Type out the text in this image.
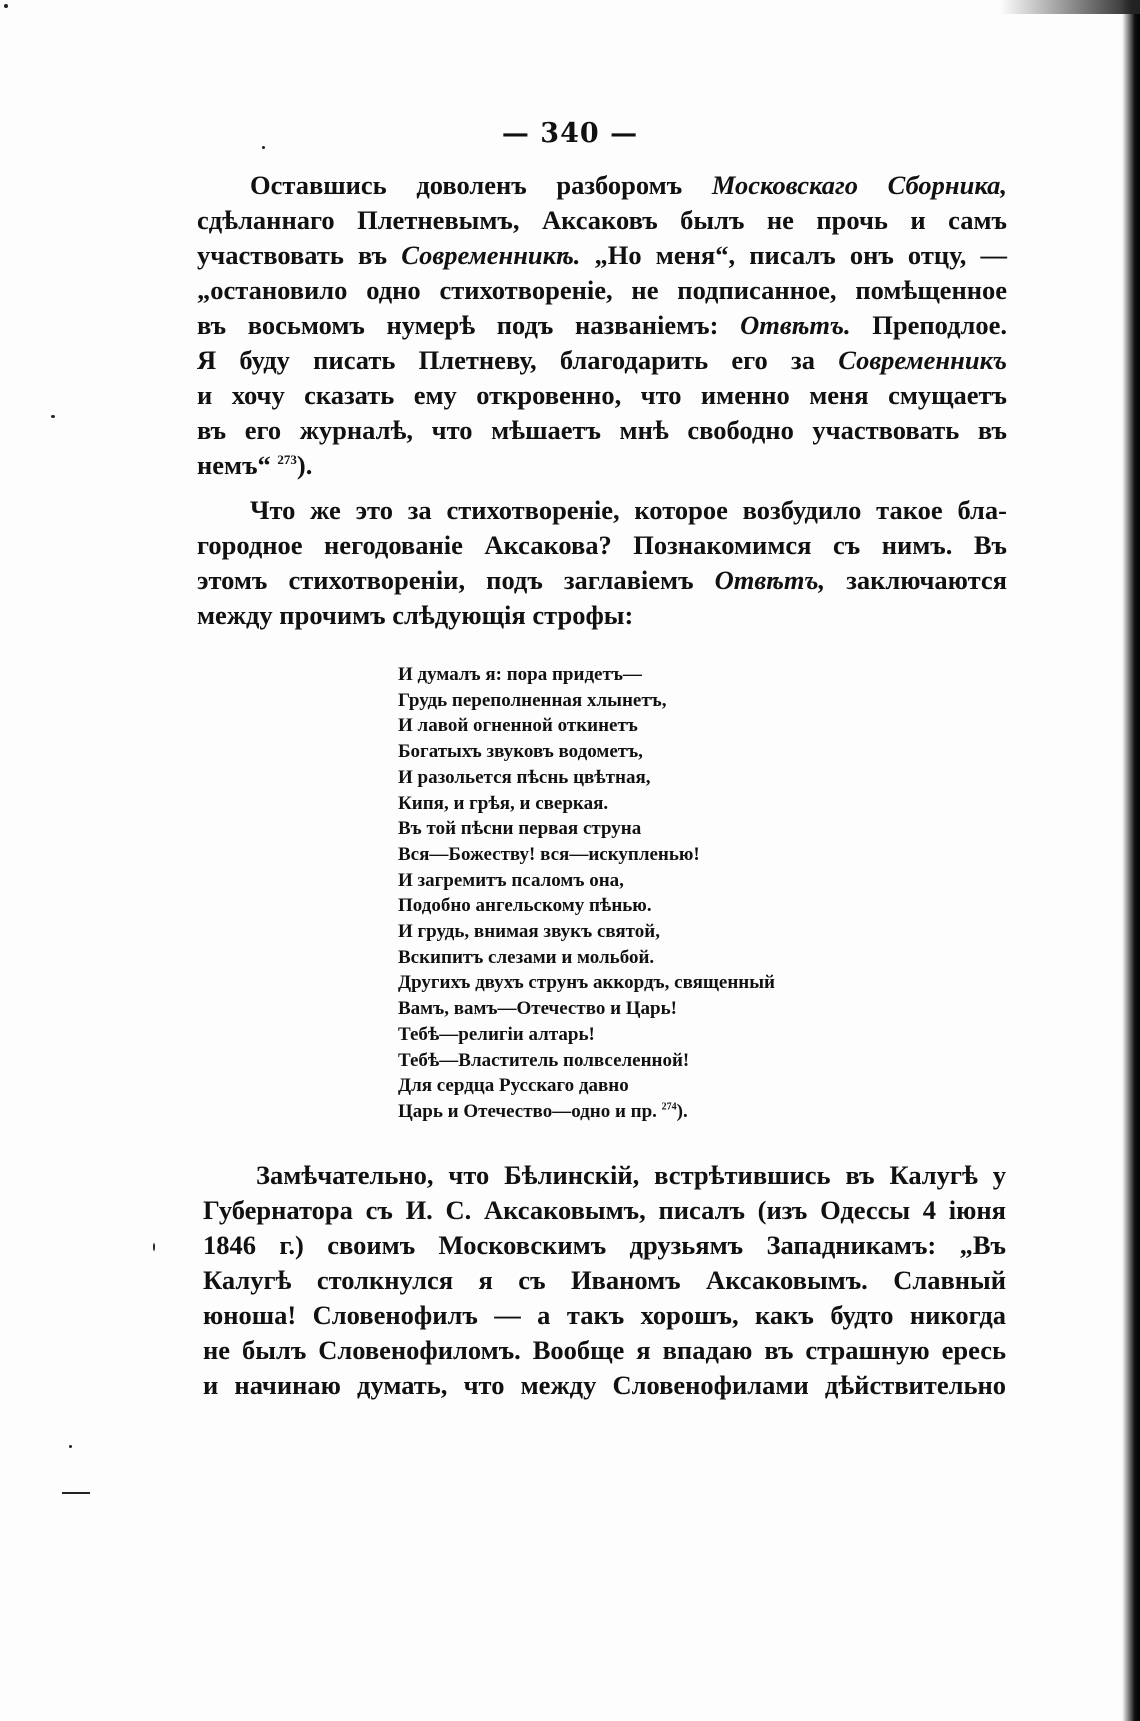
— 340 —
Оставшись доволенъ разборомъ Московскаго Сборника,
сдѣланнаго Плетневымъ, Аксаковъ былъ не прочь и самъ
участвовать въ Современникѣ. „Но меня“, писалъ онъ отцу, —
„остановило одно стихотвореніе, не подписанное, помѣщенное
въ восьмомъ нумерѣ подъ названіемъ: Отвѣтъ. Преподлое.
Я буду писать Плетневу, благодарить его за Современникъ
и хочу сказать ему откровенно, что именно меня смущаетъ
въ его журналѣ, что мѣшаетъ мнѣ свободно участвовать въ
немъ“ $^{273}$).
Что же это за стихотвореніе, которое возбудило такое бла-
городное негодованіе Аксакова? Познакомимся съ нимъ. Въ
этомъ стихотвореніи, подъ заглавіемъ Отвѣтъ, заключаются
между прочимъ слѣдующія строфы:
И думалъ я: пора придетъ—
Грудь переполненная хлынетъ,
И лавой огненной откинетъ
Богатыхъ звуковъ водометъ,
И разольется пѣснь цвѣтная,
Кипя, и грѣя, и сверкая.
Въ той пѣсни первая струна
Вся—Божеству! вся—искупленью!
И загремитъ псаломъ она,
Подобно ангельскому пѣнью.
И грудь, внимая звукъ святой,
Вскипитъ слезами и мольбой.
Другихъ двухъ струнъ аккордъ, священный
Вамъ, вамъ—Отечество и Царь!
Тебѣ—религіи алтарь!
Тебѣ—Властитель полвселенной!
Для сердца Русскаго давно
Царь и Отечество—одно и пр. $^{274}$).
Замѣчательно, что Бѣлинскій, встрѣтившись въ Калугѣ у
Губернатора съ И. С. Аксаковымъ, писалъ (изъ Одессы 4 іюня
1846 г.) своимъ Московскимъ друзьямъ Западникамъ: „Въ
Калугѣ столкнулся я съ Иваномъ Аксаковымъ. Славный
юноша! Словенофилъ — а такъ хорошъ, какъ будто никогда
не былъ Словенофиломъ. Вообще я впадаю въ страшную ересь
и начинаю думать, что между Словенофилами дѣйствительно
